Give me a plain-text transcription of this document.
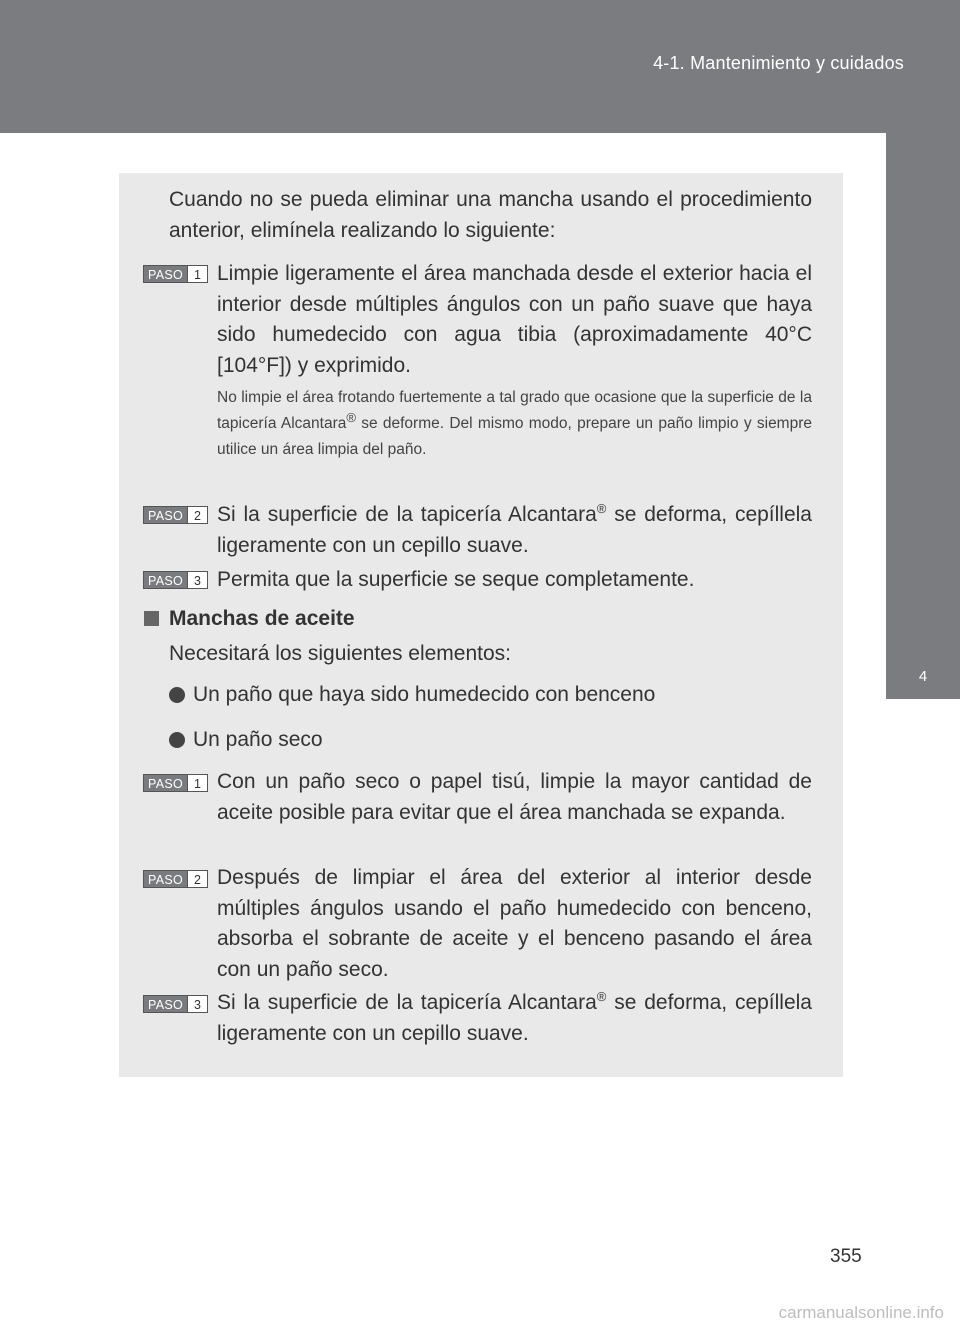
4-1. Mantenimiento y cuidados
4
Mantenimiento y cuidados
Cuando no se pueda eliminar una mancha usando el procedimiento anterior, elimínela realizando lo siguiente:
PASO 1 Limpie ligeramente el área manchada desde el exterior hacia el interior desde múltiples ángulos con un paño suave que haya sido humedecido con agua tibia (aproximadamente 40°C [104°F]) y exprimido.
No limpie el área frotando fuertemente a tal grado que ocasione que la superficie de la tapicería Alcantara® se deforme. Del mismo modo, prepare un paño limpio y siempre utilice un área limpia del paño.
PASO 2 Si la superficie de la tapicería Alcantara® se deforma, cepíllela ligeramente con un cepillo suave.
PASO 3 Permita que la superficie se seque completamente.
Manchas de aceite
Necesitará los siguientes elementos:
Un paño que haya sido humedecido con benceno
Un paño seco
PASO 1 Con un paño seco o papel tisú, limpie la mayor cantidad de aceite posible para evitar que el área manchada se expanda.
PASO 2 Después de limpiar el área del exterior al interior desde múltiples ángulos usando el paño humedecido con benceno, absorba el sobrante de aceite y el benceno pasando el área con un paño seco.
PASO 3 Si la superficie de la tapicería Alcantara® se deforma, cepíllela ligeramente con un cepillo suave.
355
carmanualsonline.info
